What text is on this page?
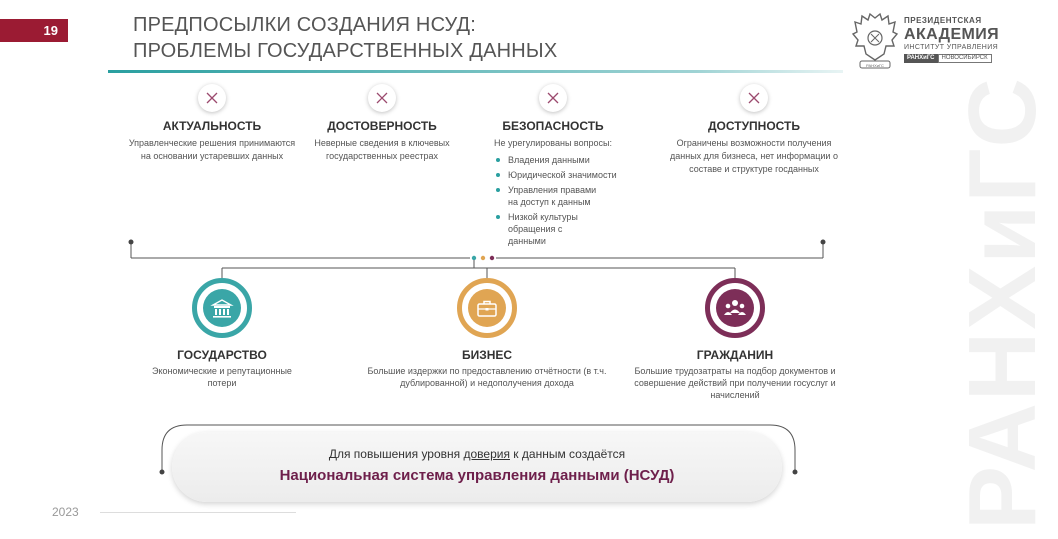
19	ПРЕДПОСЫЛКИ СОЗДАНИЯ НСУД:
ПРОБЛЕМЫ ГОСУДАРСТВЕННЫХ ДАННЫХ
РАНХиГС
ПРЕЗИДЕНТСКАЯ
АКАДЕМИЯ
ИНСТИТУТ УПРАВЛЕНИЯ
РАНХиГС	НОВОСИБИРСК
РАНХиГС
АКТУАЛЬНОСТЬ
Управленческие решения принимаются на основании устаревших данных
ДОСТОВЕРНОСТЬ
Неверные сведения в ключевых государственных реестрах
БЕЗОПАСНОСТЬ
Не урегулированы вопросы:
Владения данными
Юридической значимости
Управления правами на доступ к данным
Низкой культуры обращения с данными
ДОСТУПНОСТЬ
Ограничены возможности получения данных для бизнеса, нет информации о составе и структуре госданных
ГОСУДАРСТВО
Экономические и репутационные потери
БИЗНЕС
Большие издержки по предоставлению отчётности (в т.ч. дублированной) и недополучения дохода
ГРАЖДАНИН
Большие трудозатраты на подбор документов и совершение действий при получении госуслуг и начислений
Для повышения уровня доверия к данным создаётся
Национальная система управления данными (НСУД)
2023
